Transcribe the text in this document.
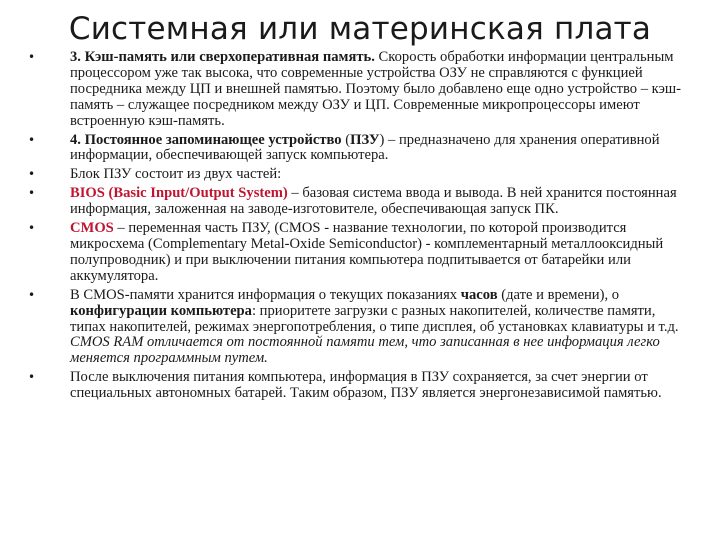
Системная или материнская плата
• 3. Кэш-память или сверхоперативная память. Скорость обработки информации центральным процессором уже так высока, что современные устройства ОЗУ не справляются с функцией посредника между ЦП и внешней памятью. Поэтому было добавлено еще одно устройство – кэш-память – служащее посредником между ОЗУ и ЦП. Современные микропроцессоры имеют встроенную кэш-память.
• 4. Постоянное запоминающее устройство (ПЗУ) – предназначено для хранения оперативной информации, обеспечивающей запуск компьютера.
• Блок ПЗУ состоит из двух частей:
• BIOS (Basic Input/Output System) – базовая система ввода и вывода. В ней хранится постоянная информация, заложенная на заводе-изготовителе, обеспечивающая запуск ПК.
• CMOS – переменная часть ПЗУ, (CMOS - название технологии, по которой производится микросхема (Complementary Metal-Oxide Semiconductor) - комплементарный металлооксидный полупроводник) и при выключении питания компьютера подпитывается от батарейки или аккумулятора.
• В CMOS-памяти хранится информация о текущих показаниях часов (дате и времени), о конфигурации компьютера: приоритете загрузки с разных накопителей, количестве памяти, типах накопителей, режимах энергопотребления, о типе дисплея, об установках клавиатуры и т.д. CMOS RAM отличается от постоянной памяти тем, что записанная в нее информация легко меняется программным путем.
• После выключения питания компьютера, информация в ПЗУ сохраняется, за счет энергии от специальных автономных батарей. Таким образом, ПЗУ является энергонезависимой памятью.
